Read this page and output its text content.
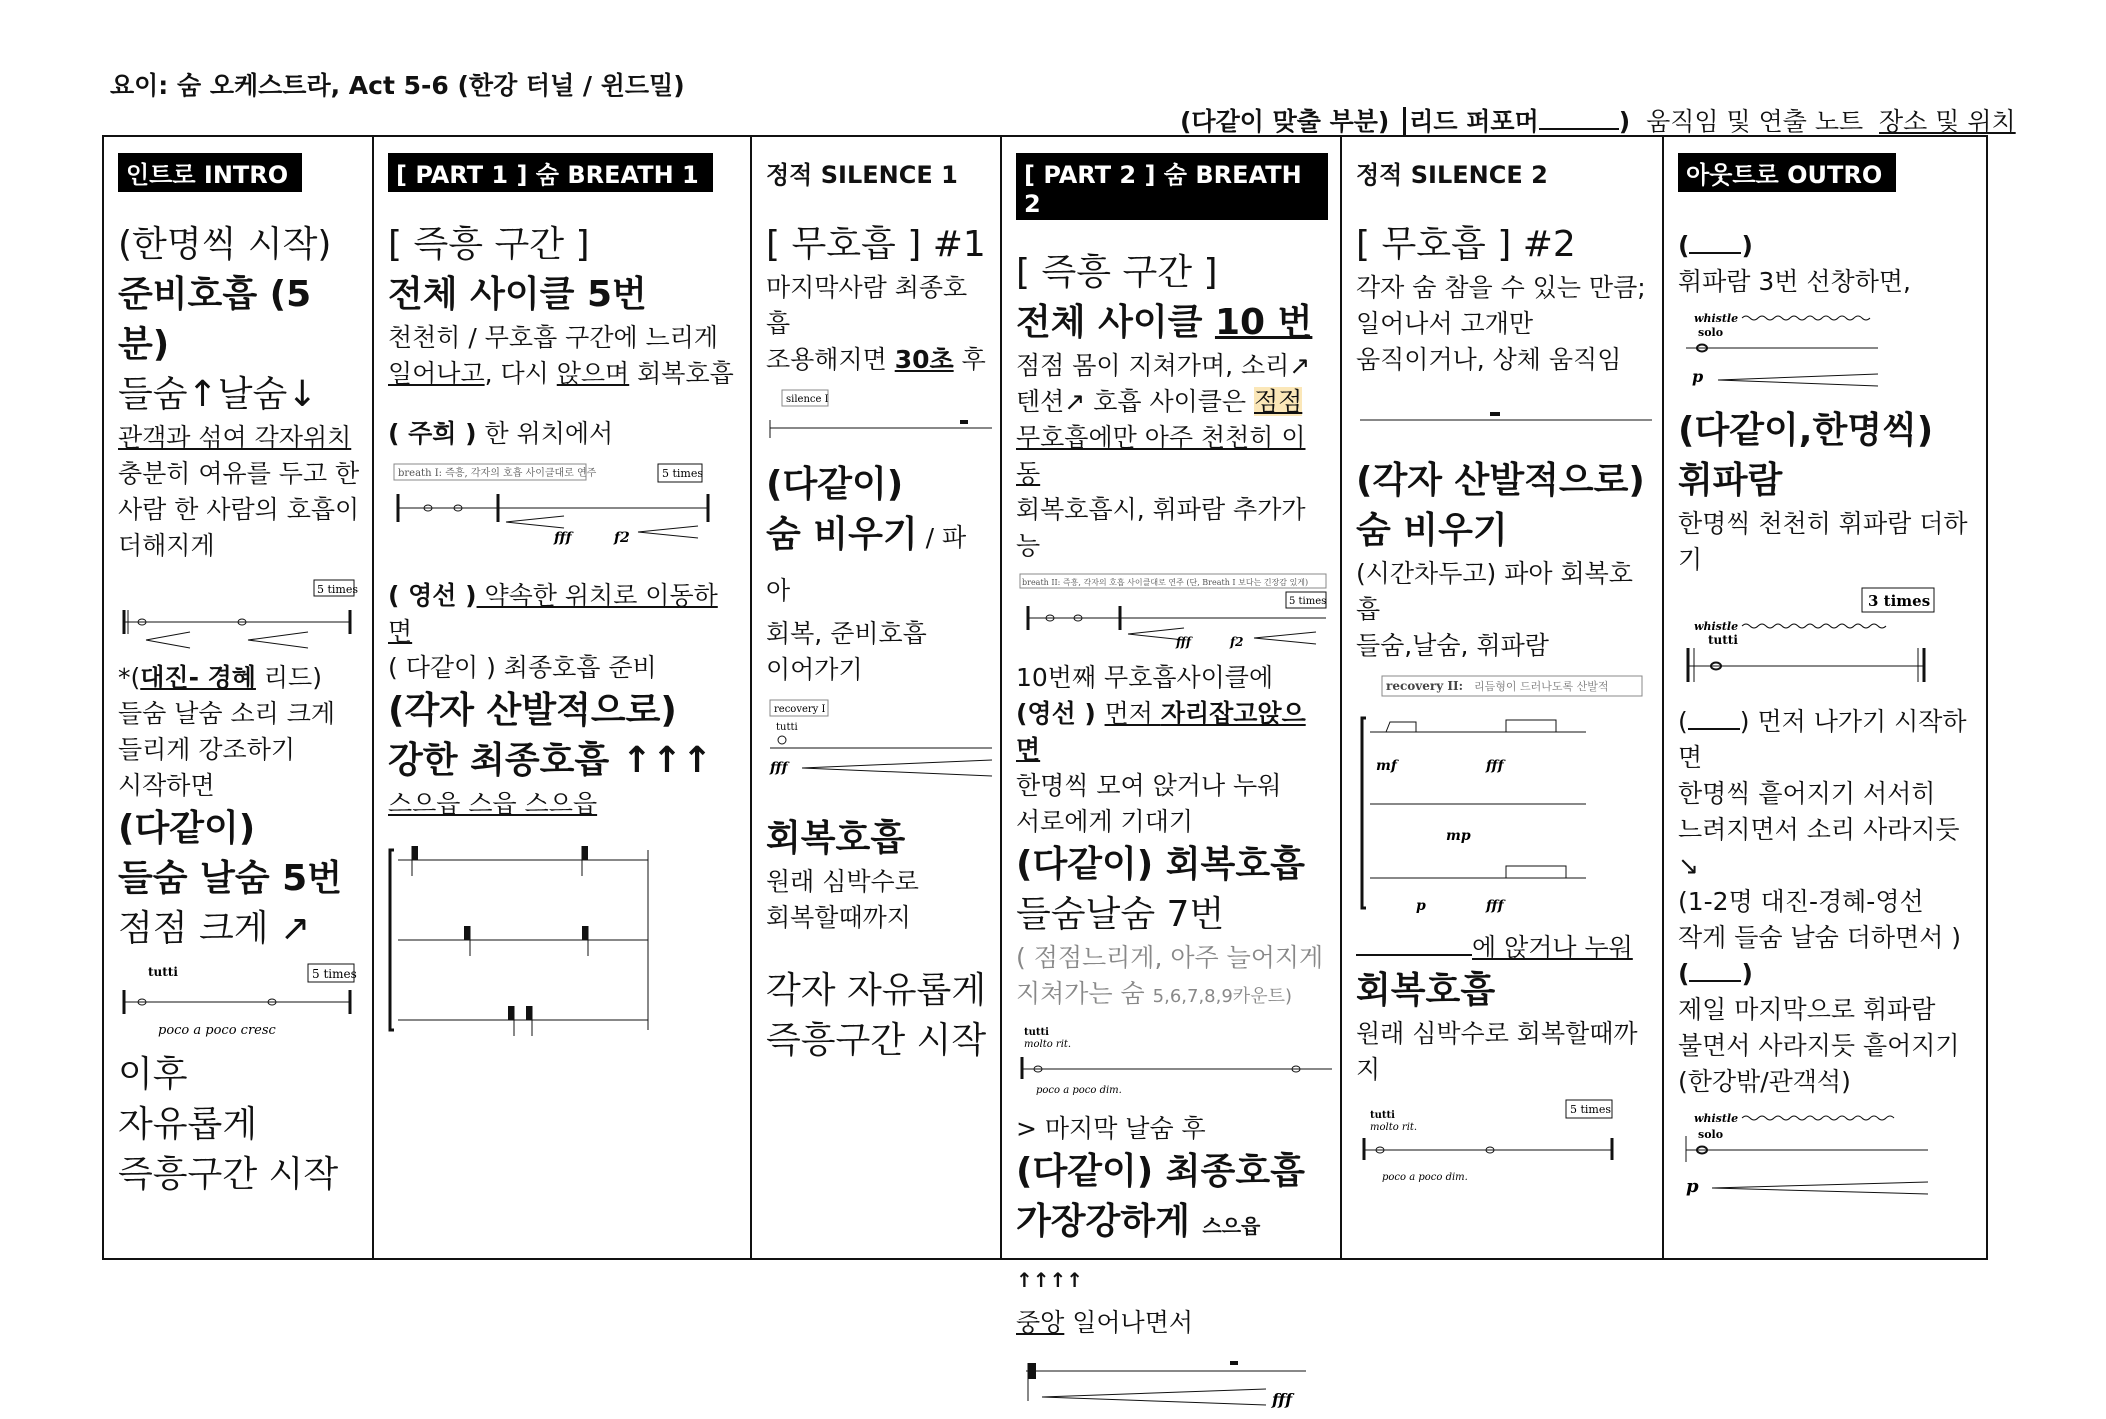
요이: 숨 오케스트라, Act 5-6 (한강 터널 / 윈드밀)
(다같이 맞출 부분) 리드 퍼포머	) 움직임 및 연출 노트 장소 및 위치
인트로 INTRO
(한명씩 시작)
준비호흡 (5분)
들숨↑날숨↓
관객과 섞여 각자위치
충분히 여유를 두고 한
사람 한 사람의 호흡이
더해지게
5 times
*(대진- 경혜 리드)
들숨 날숨 소리 크게
들리게 강조하기
시작하면
(다같이)
들숨 날숨 5번
점점 크게 ↗
tutti	5 times
poco a poco cresc
이후
자유롭게
즉흥구간 시작
[ PART 1 ] 숨 BREATH 1
[ 즉흥 구간 ]
전체 사이클 5번
천천히 / 무호흡 구간에 느리게
일어나고, 다시 앉으며 회복호흡
( 주희 ) 한 위치에서
breath I: 즉흥, 각자의 호흡 사이클대로 연주	5 times
fff	f2
( 영선 ) 약속한 위치로 이동하면
( 다같이 ) 최종호흡 준비
(각자 산발적으로)
강한 최종호흡 ↑↑↑
스으읍 스읍 스으읍
정적 SILENCE 1
[ 무호흡 ] #1
마지막사람 최종호흡
조용해지면 30초 후
silence I
(다같이)
숨 비우기 / 파아
회복, 준비호흡
이어가기
recovery I
tutti
fff
회복호흡
원래 심박수로
회복할때까지
각자 자유롭게
즉흥구간 시작
[ PART 2 ] 숨 BREATH 2
[ 즉흥 구간 ]
전체 사이클 10 번
점점 몸이 지쳐가며, 소리↗
텐션↗ 호흡 사이클은 점점
무호흡에만 아주 천천히 이동
회복호흡시, 휘파람 추가가능
breath II: 즉흥, 각자의 호흡 사이클대로 연주 (단, Breath I 보다는 긴장감 있게)
5 times
fff	f2
10번째 무호흡사이클에
(영선 ) 먼저 자리잡고앉으면
한명씩 모여 앉거나 누워
서로에게 기대기
(다같이) 회복호흡
들숨날숨 7번
( 점점느리게, 아주 늘어지게
지쳐가는 숨 5,6,7,8,9카운트)
tutti
molto rit.
poco a poco dim.
> 마지막 날숨 후
(다같이) 최종호흡
가장강하게 스으읍 ↑↑↑↑
중앙 일어나면서
fff
정적 SILENCE 2
[ 무호흡 ] #2
각자 숨 참을 수 있는 만큼;
일어나서 고개만
움직이거나, 상체 움직임
(각자 산발적으로)
숨 비우기
(시간차두고) 파아 회복호흡
들숨,날숨, 휘파람
recovery II: 리듬형이 드러나도록 산발적
mf	fff
mp
p	fff
에 앉거나 누워
회복호흡
원래 심박수로 회복할때까지
tutti
molto rit.
5 times
poco a poco dim.
아웃트로 OUTRO
( )
휘파람 3번 선창하면,
whistle
solo
p
(다같이,한명씩)
휘파람
한명씩 천천히 휘파람 더하기
3 times
whistle
tutti
( ) 먼저 나가기 시작하면
한명씩 흩어지기 서서히
느려지면서 소리 사라지듯↘
(1-2명 대진-경혜-영선
작게 들숨 날숨 더하면서 )
( )
제일 마지막으로 휘파람
불면서 사라지듯 흩어지기
(한강밖/관객석)
whistle
solo
p
